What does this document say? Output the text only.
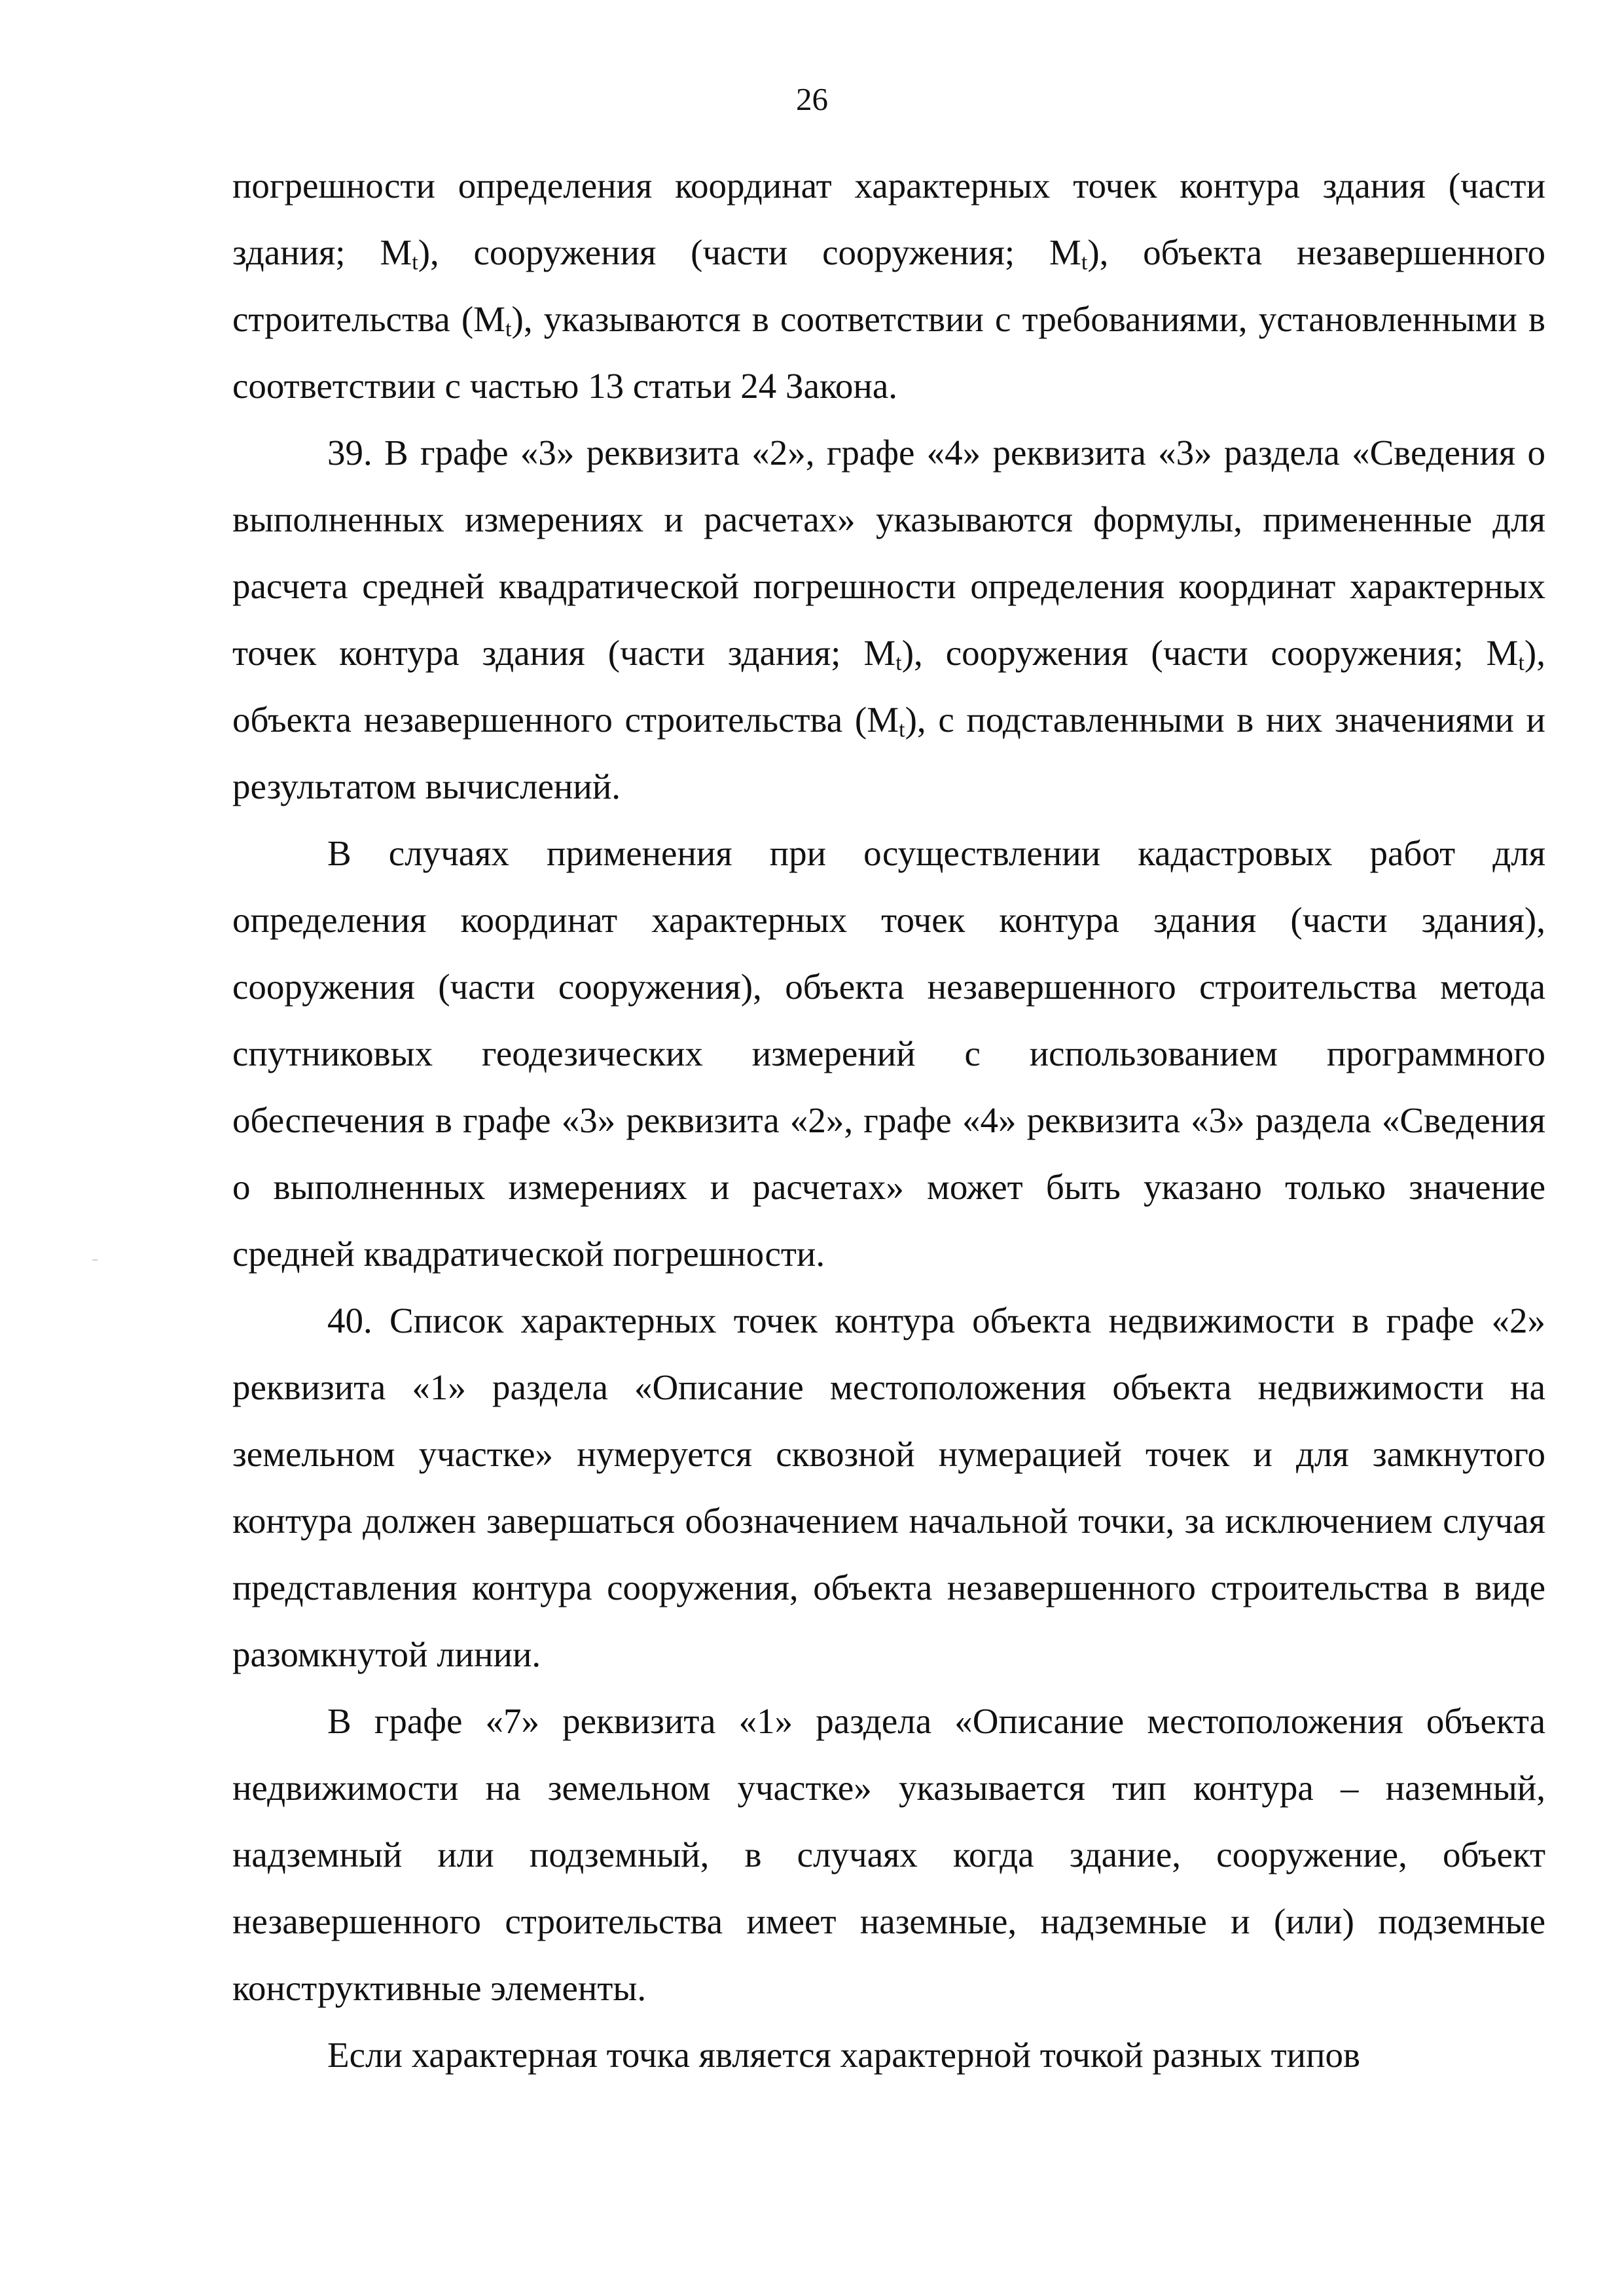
26

погрешности определения координат характерных точек контура здания (части здания; $M_t$), сооружения (части сооружения; $M_t$), объекта незавершенного строительства $(M_t)$, указываются в соответствии с требованиями, установленными в соответствии с частью 13 статьи 24 Закона.

39. В графе «3» реквизита «2», графе «4» реквизита «3» раздела «Сведения о выполненных измерениях и расчетах» указываются формулы, примененные для расчета средней квадратической погрешности определения координат характерных точек контура здания (части здания; $M_t$), сооружения (части сооружения; $M_t$), объекта незавершенного строительства $(M_t)$, с подставленными в них значениями и результатом вычислений.

В случаях применения при осуществлении кадастровых работ для определения координат характерных точек контура здания (части здания), сооружения (части сооружения), объекта незавершенного строительства метода спутниковых геодезических измерений с использованием программного обеспечения в графе «3» реквизита «2», графе «4» реквизита «3» раздела «Сведения о выполненных измерениях и расчетах» может быть указано только значение средней квадратической погрешности.

40. Список характерных точек контура объекта недвижимости в графе «2» реквизита «1» раздела «Описание местоположения объекта недвижимости на земельном участке» нумеруется сквозной нумерацией точек и для замкнутого контура должен завершаться обозначением начальной точки, за исключением случая представления контура сооружения, объекта незавершенного строительства в виде разомкнутой линии.

В графе «7» реквизита «1» раздела «Описание местоположения объекта недвижимости на земельном участке» указывается тип контура – наземный, надземный или подземный, в случаях когда здание, сооружение, объект незавершенного строительства имеет наземные, надземные и (или) подземные конструктивные элементы.

Если характерная точка является характерной точкой разных типов
